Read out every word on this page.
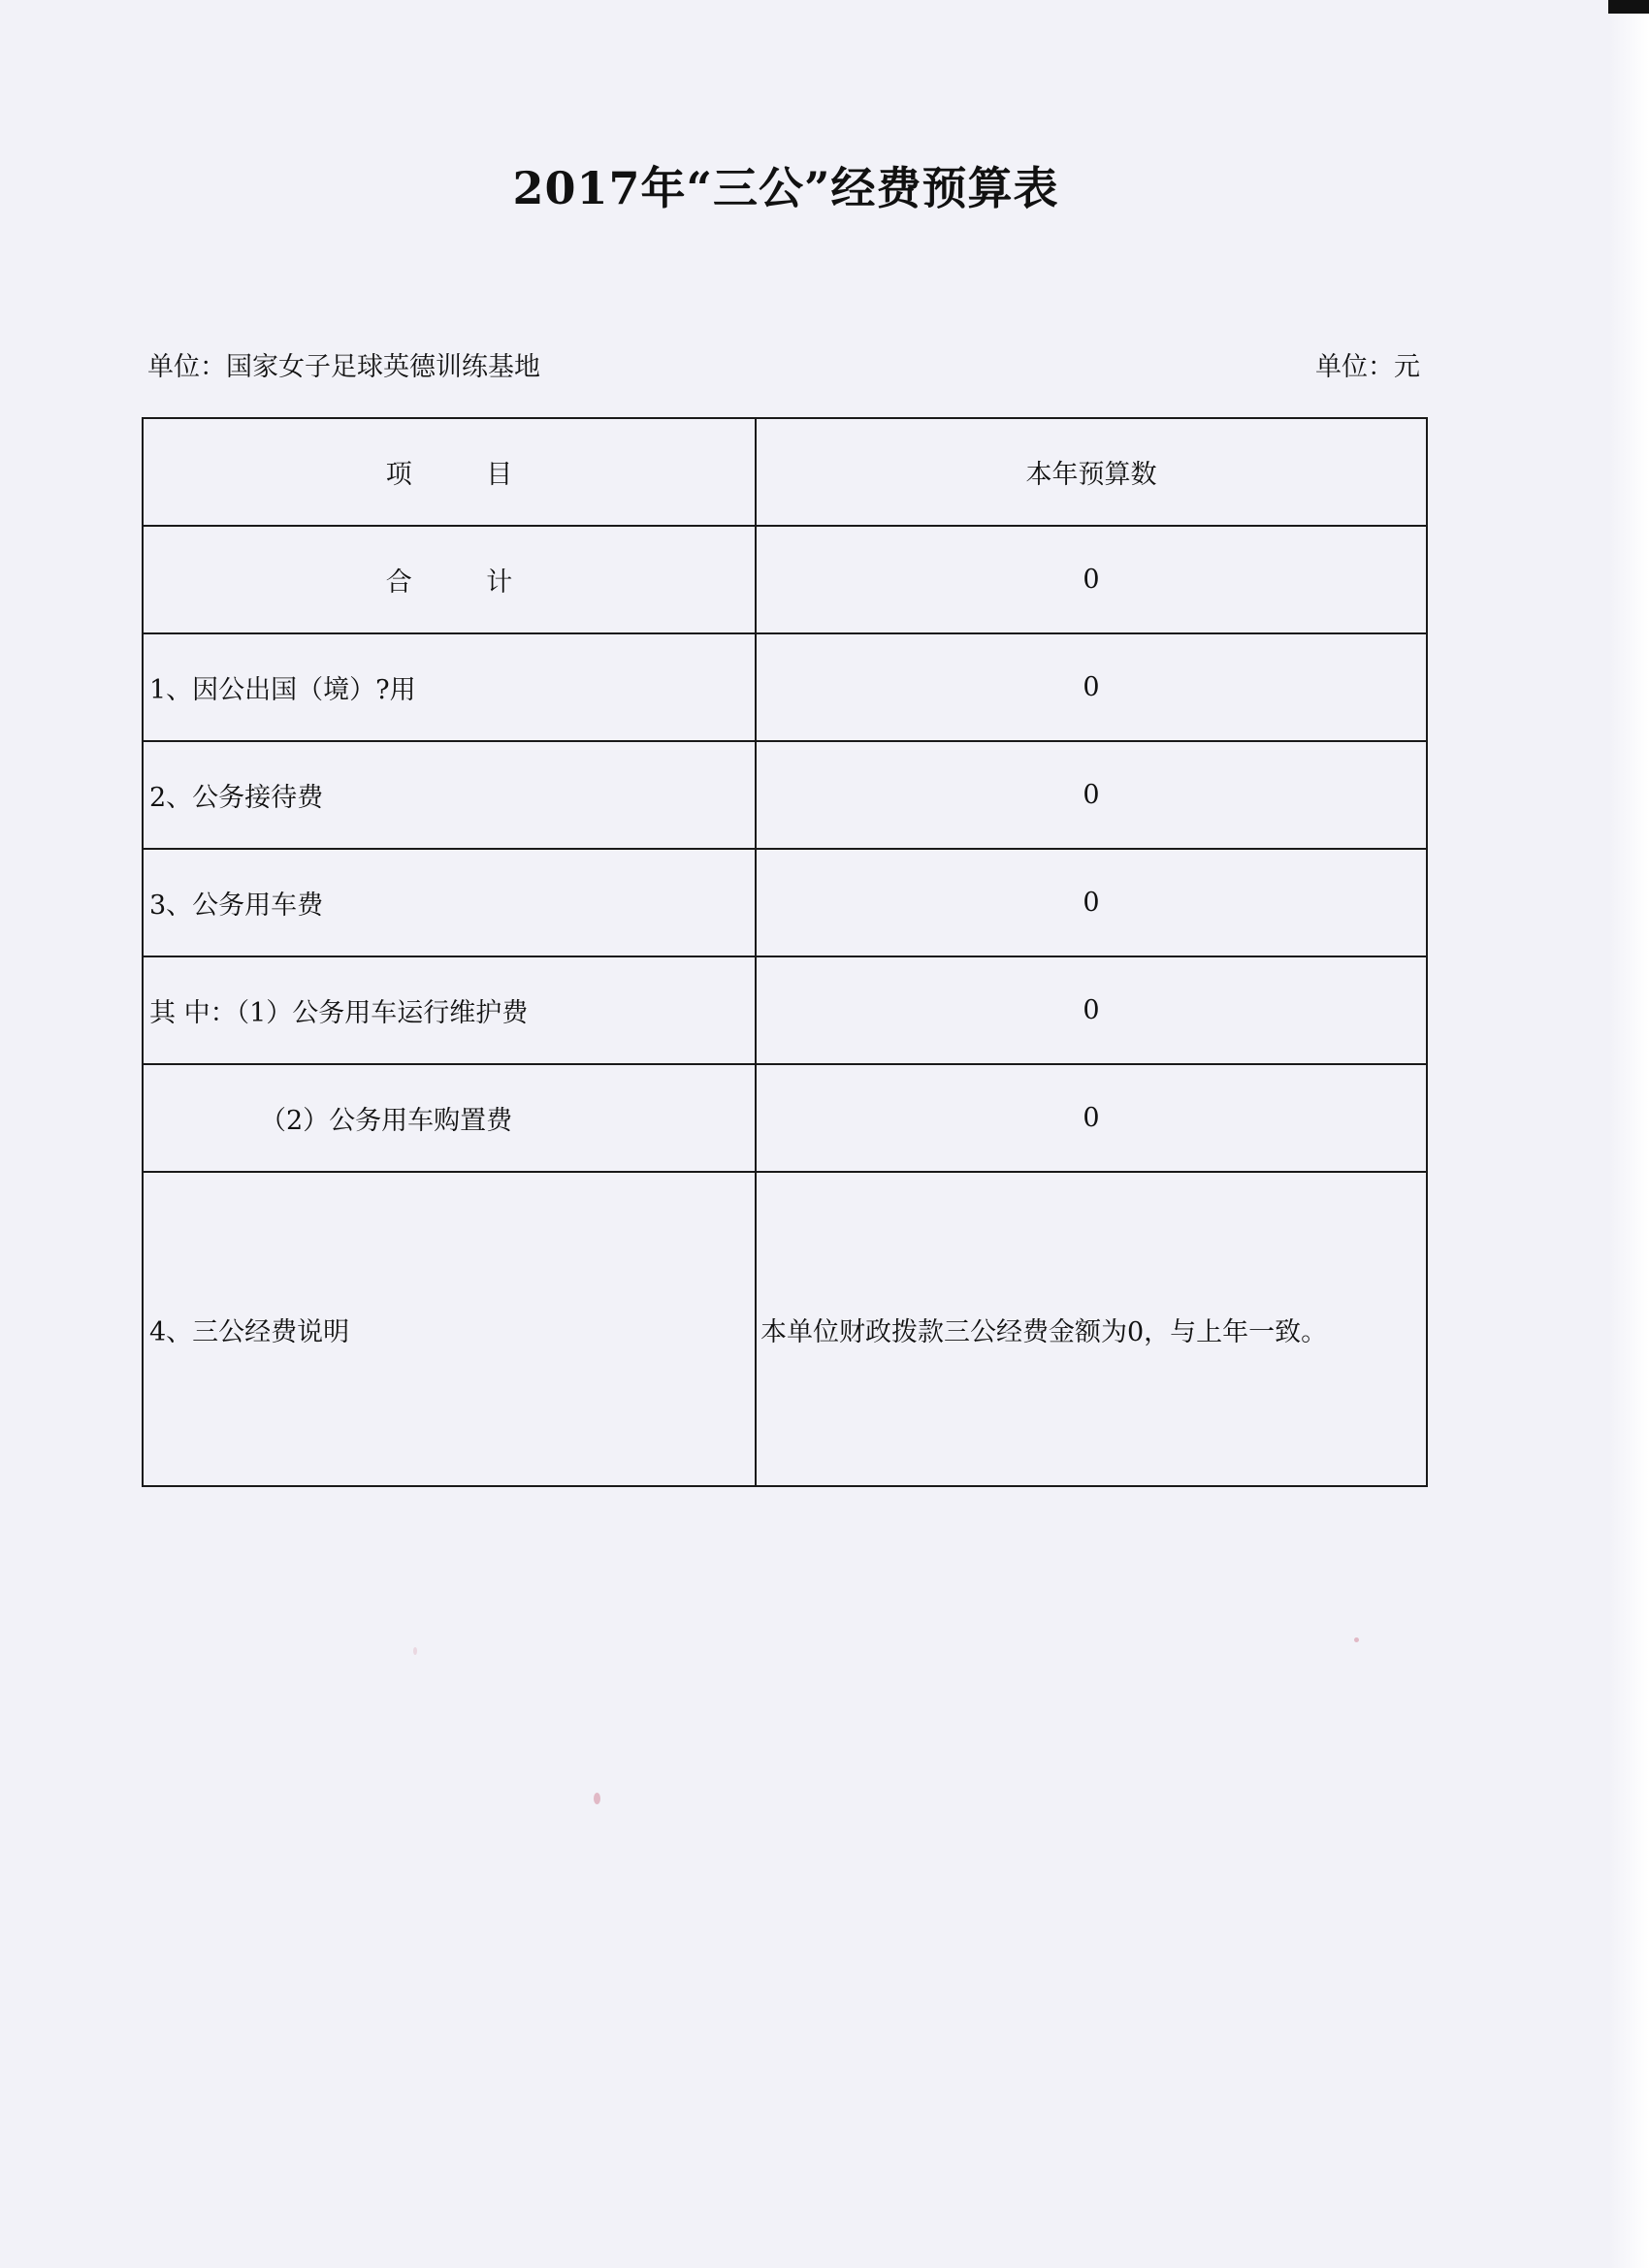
2017年“三公”经费预算表
单位：国家女子足球英德训练基地	单位：元
项 目	本年预算数
合 计	0
1、因公出国（境）?用	0
2、公务接待费	0
3、公务用车费	0
其 中：（1）公务用车运行维护费	0
（2）公务用车购置费	0
4、三公经费说明	本单位财政拨款三公经费金额为0，与上年一致。
